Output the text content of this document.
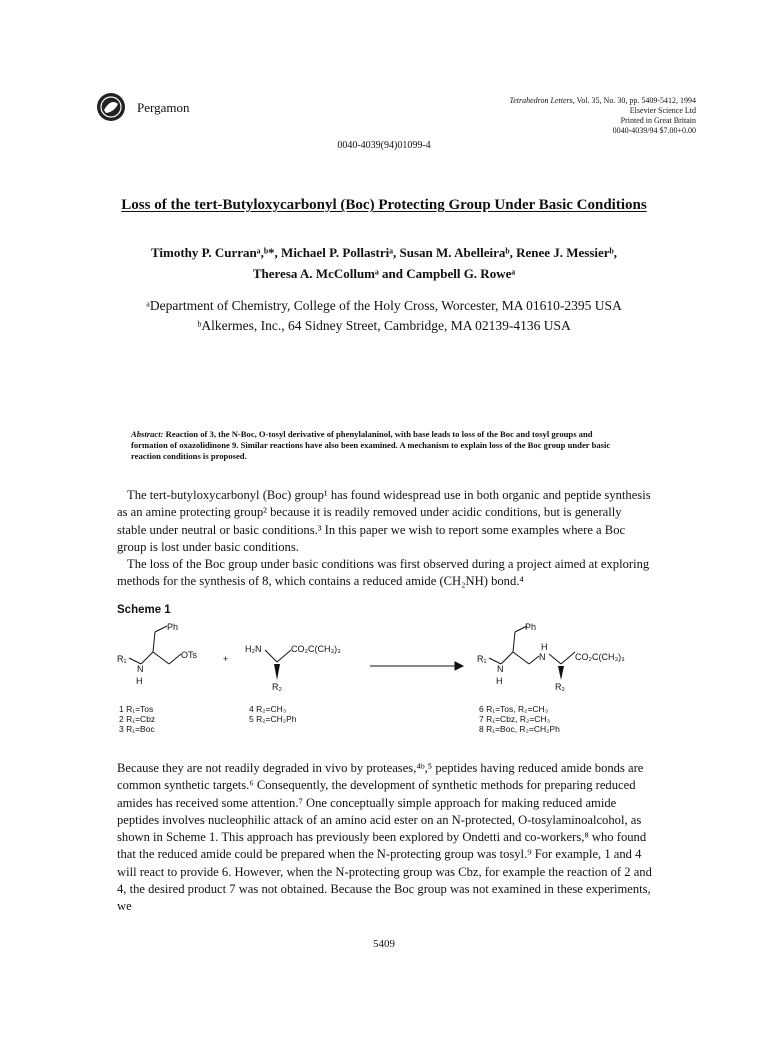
Pergamon	Tetrahedron Letters, Vol. 35, No. 30, pp. 5409-5412, 1994
Elsevier Science Ltd
Printed in Great Britain
0040-4039/94 $7.00+0.00
0040-4039(94)01099-4
Loss of the tert-Butyloxycarbonyl (Boc) Protecting Group Under Basic Conditions
Timothy P. Curranᵃ,ᵇ*, Michael P. Pollastriᵃ, Susan M. Abelleiraᵇ, Renee J. Messierᵇ,
Theresa A. McCollumᵃ and Campbell G. Roweᵃ
ᵃDepartment of Chemistry, College of the Holy Cross, Worcester, MA 01610-2395 USA
ᵇAlkermes, Inc., 64 Sidney Street, Cambridge, MA 02139-4136 USA
Abstract: Reaction of 3, the N-Boc, O-tosyl derivative of phenylalaninol, with base leads to loss of the Boc and tosyl groups and formation of oxazolidinone 9. Similar reactions have also been examined. A mechanism to explain loss of the Boc group under basic reaction conditions is proposed.

The tert-butyloxycarbonyl (Boc) group¹ has found widespread use in both organic and peptide synthesis as an amine protecting group² because it is readily removed under acidic conditions, but is generally stable under neutral or basic conditions.³ In this paper we wish to report some examples where a Boc group is lost under basic conditions.

The loss of the Boc group under basic conditions was first observed during a project aimed at exploring methods for the synthesis of 8, which contains a reduced amide (CH₂NH) bond.⁴

Scheme 1
Ph
R₁
N
H
OTs	+
H₂N	CO₂C(CH₃)₃
R₂
Ph
R₁
N
H
H
N	CO₂C(CH₃)₃
R₂
1 R₁=Tos
2 R₁=Cbz
3 R₁=Boc
4 R₂=CH₃
5 R₂=CH₂Ph
6 R₁=Tos, R₂=CH₃
7 R₁=Cbz, R₂=CH₃
8 R₁=Boc, R₂=CH₂Ph

Because they are not readily degraded in vivo by proteases,⁴ᵇ,⁵ peptides having reduced amide bonds are common synthetic targets.⁶ Consequently, the development of synthetic methods for preparing reduced amides has received some attention.⁷ One conceptually simple approach for making reduced amide peptides involves nucleophilic attack of an amino acid ester on an N-protected, O-tosylaminoalcohol, as shown in Scheme 1. This approach has previously been explored by Ondetti and co-workers,⁸ who found that the reduced amide could be prepared when the N-protecting group was tosyl.⁹ For example, 1 and 4 will react to provide 6. However, when the N-protecting group was Cbz, for example the reaction of 2 and 4, the desired product 7 was not obtained. Because the Boc group was not examined in these experiments, we

5409
